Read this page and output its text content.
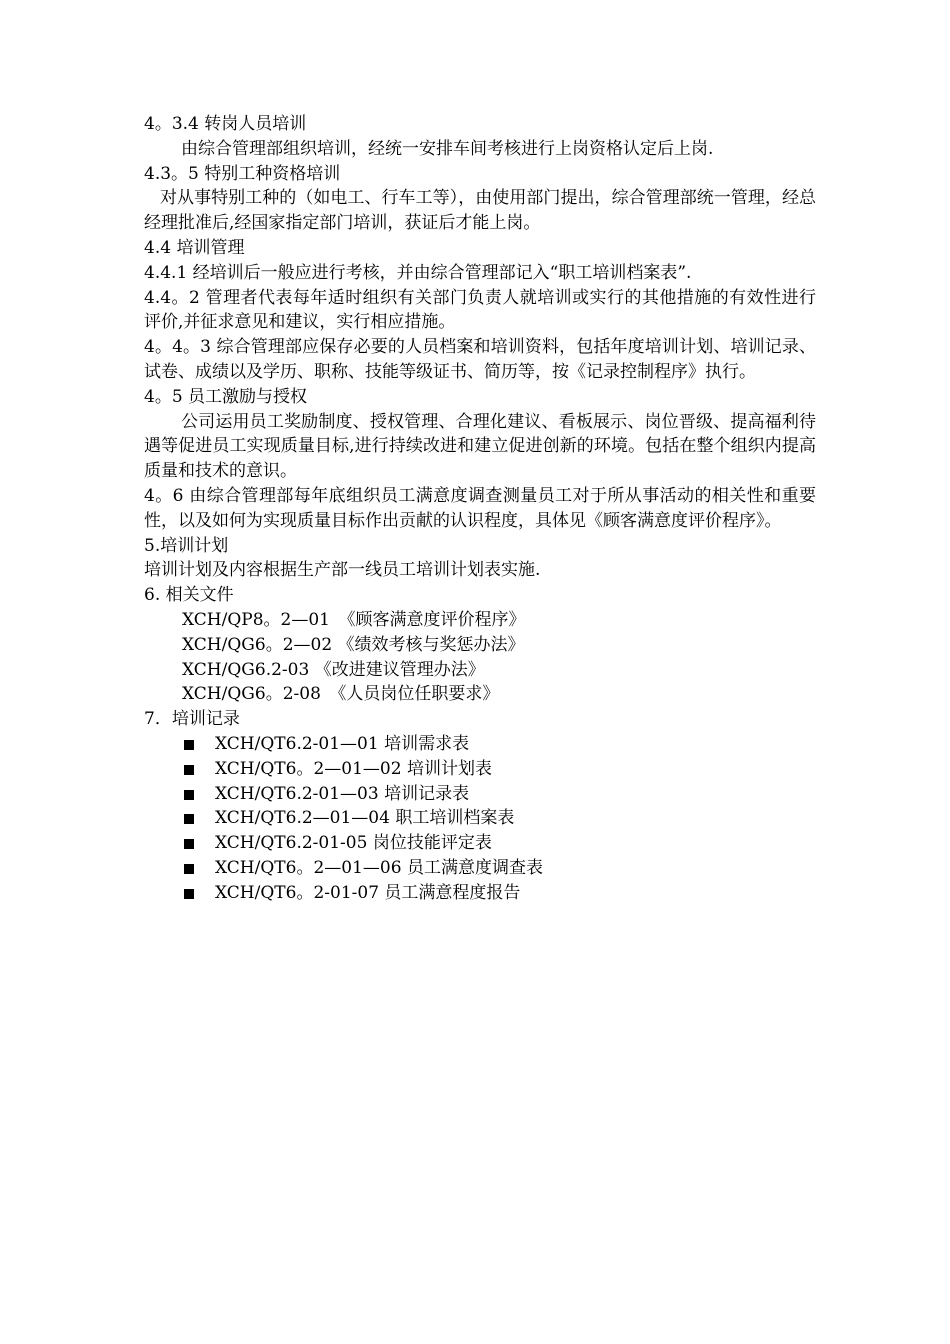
4。3.4 转岗人员培训

由综合管理部组织培训，经统一安排车间考核进行上岗资格认定后上岗.

4.3。5 特别工种资格培训

对从事特别工种的（如电工、行车工等），由使用部门提出，综合管理部统一管理，经总经理批准后,经国家指定部门培训，获证后才能上岗。

4.4 培训管理

4.4.1 经培训后一般应进行考核，并由综合管理部记入“职工培训档案表”.

4.4。2 管理者代表每年适时组织有关部门负责人就培训或实行的其他措施的有效性进行评价,并征求意见和建议，实行相应措施。

4。4。3 综合管理部应保存必要的人员档案和培训资料，包括年度培训计划、培训记录、试卷、成绩以及学历、职称、技能等级证书、简历等，按《记录控制程序》执行。

4。5 员工激励与授权

公司运用员工奖励制度、授权管理、合理化建议、看板展示、岗位晋级、提高福利待遇等促进员工实现质量目标,进行持续改进和建立促进创新的环境。包括在整个组织内提高质量和技术的意识。

4。6 由综合管理部每年底组织员工满意度调查测量员工对于所从事活动的相关性和重要性，以及如何为实现质量目标作出贡献的认识程度，具体见《顾客满意度评价程序》。

5.培训计划

培训计划及内容根据生产部一线员工培训计划表实施.

6. 相关文件

XCH/QP8。2—01　《顾客满意度评价程序》
XCH/QG6。2—02 《绩效考核与奖惩办法》
XCH/QG6.2-03 《改进建议管理办法》
XCH/QG6。2-08　《人员岗位任职要求》

7．培训记录

XCH/QT6.2-01—01 培训需求表
XCH/QT6。2—01—02 培训计划表
XCH/QT6.2-01—03 培训记录表
XCH/QT6.2—01—04 职工培训档案表
XCH/QT6.2-01-05 岗位技能评定表
XCH/QT6。2—01—06 员工满意度调查表
XCH/QT6。2-01-07 员工满意程度报告
